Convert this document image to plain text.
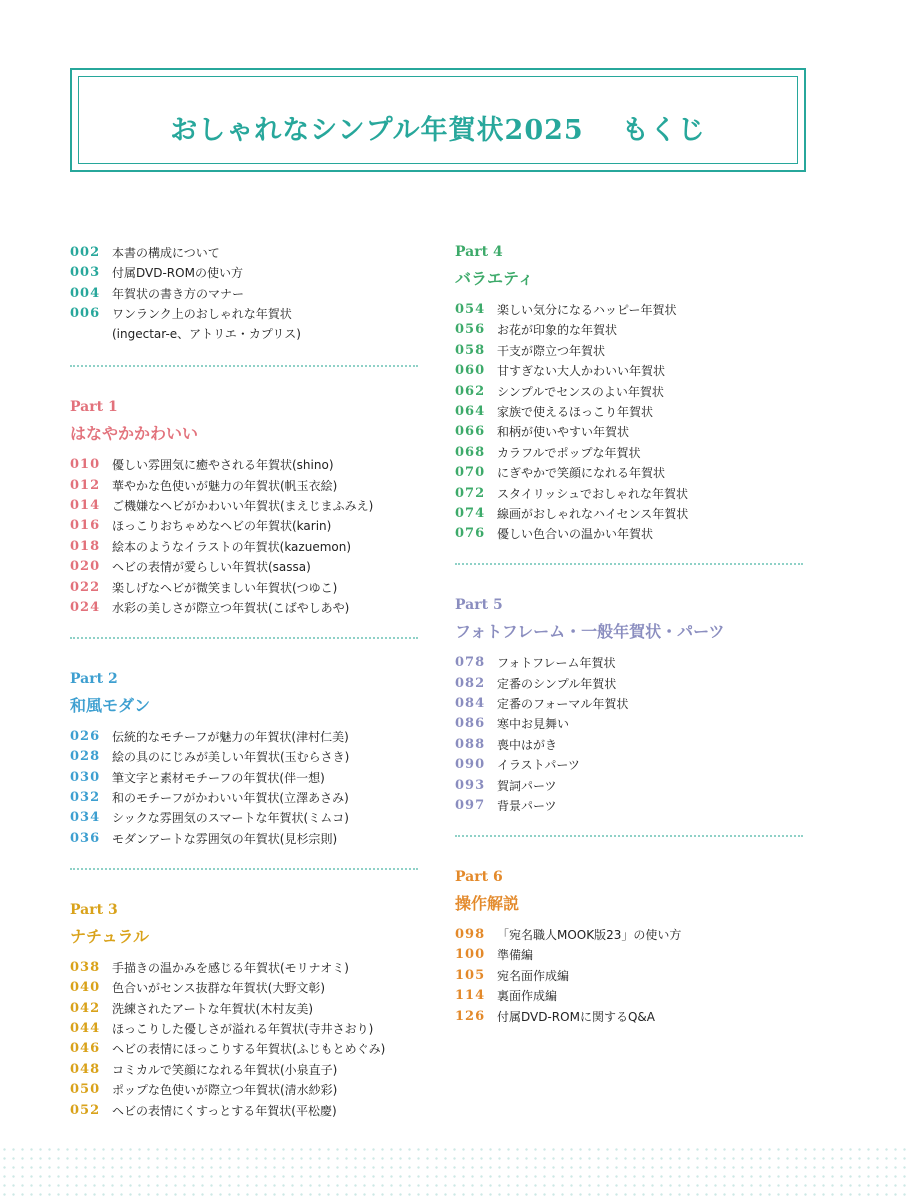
おしゃれなシンプル年賀状2025 もくじ
002 本書の構成について
003 付属DVD-ROMの使い方
004 年賀状の書き方のマナー
006 ワンランク上のおしゃれな年賀状
(ingectar-e、アトリエ・カプリス)
Part 1
はなやかかわいい
010 優しい雰囲気に癒やされる年賀状(shino)
012 華やかな色使いが魅力の年賀状(帆玉衣絵)
014 ご機嫌なヘビがかわいい年賀状(まえじまふみえ)
016 ほっこりおちゃめなヘビの年賀状(karin)
018 絵本のようなイラストの年賀状(kazuemon)
020 ヘビの表情が愛らしい年賀状(sassa)
022 楽しげなヘビが微笑ましい年賀状(つゆこ)
024 水彩の美しさが際立つ年賀状(こばやしあや)
Part 2
和風モダン
026 伝統的なモチーフが魅力の年賀状(津村仁美)
028 絵の具のにじみが美しい年賀状(玉むらさき)
030 筆文字と素材モチーフの年賀状(伴一想)
032 和のモチーフがかわいい年賀状(立澤あさみ)
034 シックな雰囲気のスマートな年賀状(ミムコ)
036 モダンアートな雰囲気の年賀状(見杉宗則)
Part 3
ナチュラル
038 手描きの温かみを感じる年賀状(モリナオミ)
040 色合いがセンス抜群な年賀状(大野文彰)
042 洗練されたアートな年賀状(木村友美)
044 ほっこりした優しさが溢れる年賀状(寺井さおり)
046 ヘビの表情にほっこりする年賀状(ふじもとめぐみ)
048 コミカルで笑顔になれる年賀状(小泉直子)
050 ポップな色使いが際立つ年賀状(清水紗彩)
052 ヘビの表情にくすっとする年賀状(平松慶)
Part 4
バラエティ
054 楽しい気分になるハッピー年賀状
056 お花が印象的な年賀状
058 干支が際立つ年賀状
060 甘すぎない大人かわいい年賀状
062 シンプルでセンスのよい年賀状
064 家族で使えるほっこり年賀状
066 和柄が使いやすい年賀状
068 カラフルでポップな年賀状
070 にぎやかで笑顔になれる年賀状
072 スタイリッシュでおしゃれな年賀状
074 線画がおしゃれなハイセンス年賀状
076 優しい色合いの温かい年賀状
Part 5
フォトフレーム・一般年賀状・パーツ
078 フォトフレーム年賀状
082 定番のシンプル年賀状
084 定番のフォーマル年賀状
086 寒中お見舞い
088 喪中はがき
090 イラストパーツ
093 賀詞パーツ
097 背景パーツ
Part 6
操作解説
098 「宛名職人MOOK版23」の使い方
100 準備編
105 宛名面作成編
114 裏面作成編
126 付属DVD-ROMに関するQ&A
